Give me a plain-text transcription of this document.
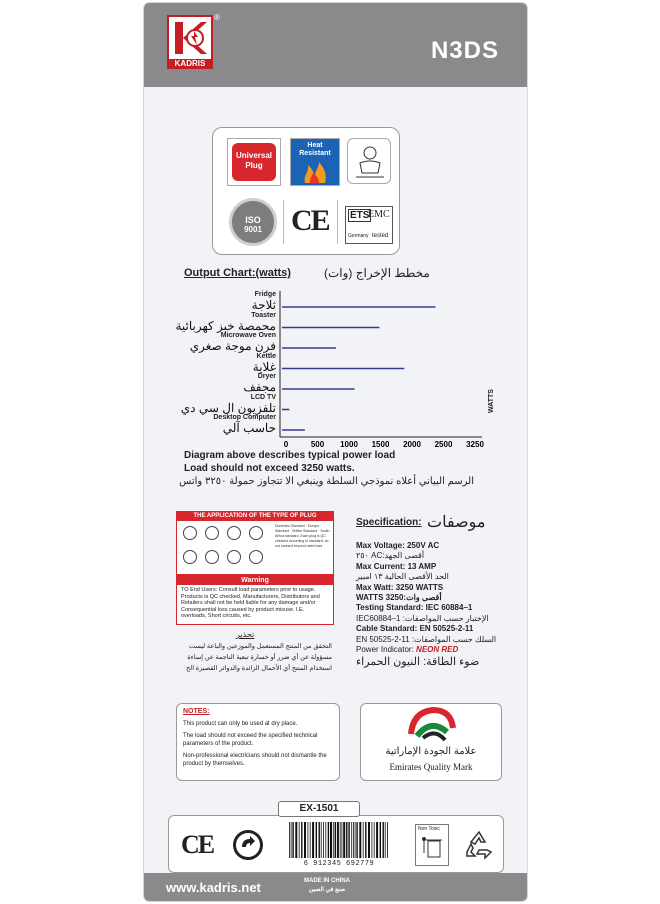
KADRIS
®
N3DS
Universal Plug
Heat Resistant
ISO
9001 CE ETS
EMC
Germany tested
Output Chart:(watts)	مخطط الإخراج (وات)
0	500 1000 1500 2000 2500 3250
WATTS
Fridge
ثلاجة
Toaster
محمصة خبز كهربائية
Microwave Oven
فرن موجة صغري
Kettle
غلاية
Dryer
مجفف
LCD TV
تلفزيون ال سي دي
Desktop Computer
حاسب آلي
Diagram above describes typical power load
Load should not exceed 3250 watts.
الرسم البياني أعلاه نموذجي السلطة وينبغي الا تتجاوز حمولة ٣٢٥٠ واتس
THE APPLICATION OF THE TYPE OF PLUG
Domestic Standard · Europe Standard · British Standard · South Africa standard. Each plug is QC checked according to standard; do not connect beyond rated load.
Warning
TO End Users: Consult load parameters prior to usage. Products is QC checked, Manufacturers, Distributors and Retailers shall not be held liable for any damage and/or Consequential loss caused by product misuse. I.E. overloads, Short circuits, etc.
تحذير
التحقق من المنتج المستعمل والموزعين والباعة ليست مسؤولة عن أي ضرر أو خسارة تبعية الناجمة عن إساءة استخدام المنتج أي الأحمال الزائدة والدوائر القصيرة الخ
Specification: موصفات
Max Voltage: 250V AC
أقصى الجهد:AC ٢٥٠
Max Current: 13 AMP
الحد الأقصى الحالية ١٣ امبير
Max Watt: 3250 WATTS
أقصى وات:WATTS 3250
Testing Standard: IEC 60884–1
الإختبار حسب المواصفات: IEC60884–1
Cable Standard: EN 50525-2-11
السلك حسب المواصفات: EN 50525-2-11
Power Indicator: NEON RED
ضوء الطاقة: النيون الحمراء
NOTES:
This product can only be used at dry place.
The load should not exceed the specified technical parameters of the product.
Non-professional electricians should not dismantle the product by themselves.
علامة الجودة الإماراتية
Emirates Quality Mark
CE
6 912345 692779
Non Toxic
EX-1501
www.kadris.net	MADE IN CHINA
صنع في الصين
